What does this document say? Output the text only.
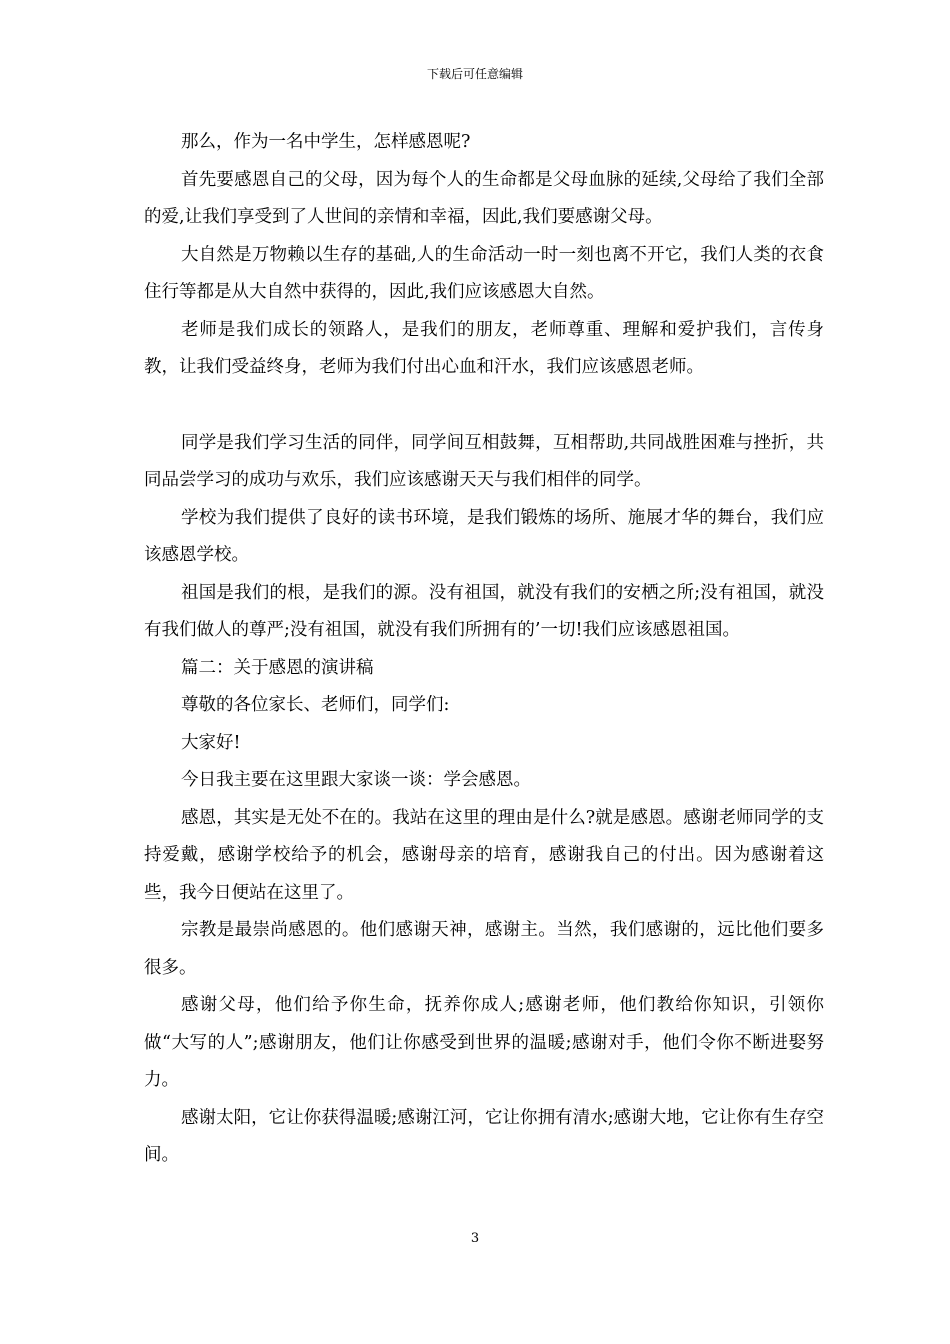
下载后可任意编辑

那么，作为一名中学生，怎样感恩呢?

首先要感恩自己的父母，因为每个人的生命都是父母血脉的延续,父母给了我们全部的爱,让我们享受到了人世间的亲情和幸福，因此,我们要感谢父母。

大自然是万物赖以生存的基础,人的生命活动一时一刻也离不开它，我们人类的衣食住行等都是从大自然中获得的，因此,我们应该感恩大自然。

老师是我们成长的领路人，是我们的朋友，老师尊重、理解和爱护我们，言传身教，让我们受益终身，老师为我们付出心血和汗水，我们应该感恩老师。

同学是我们学习生活的同伴，同学间互相鼓舞，互相帮助,共同战胜困难与挫折，共同品尝学习的成功与欢乐，我们应该感谢天天与我们相伴的同学。

学校为我们提供了良好的读书环境，是我们锻炼的场所、施展才华的舞台，我们应该感恩学校。

祖国是我们的根，是我们的源。没有祖国，就没有我们的安栖之所;没有祖国，就没有我们做人的尊严;没有祖国，就没有我们所拥有的’一切!我们应该感恩祖国。

篇二：关于感恩的演讲稿

尊敬的各位家长、老师们，同学们:

大家好!

今日我主要在这里跟大家谈一谈：学会感恩。

感恩，其实是无处不在的。我站在这里的理由是什么?就是感恩。感谢老师同学的支持爱戴，感谢学校给予的机会，感谢母亲的培育，感谢我自己的付出。因为感谢着这些，我今日便站在这里了。

宗教是最崇尚感恩的。他们感谢天神，感谢主。当然，我们感谢的，远比他们要多很多。

感谢父母，他们给予你生命，抚养你成人;感谢老师，他们教给你知识，引领你做“大写的人”;感谢朋友，他们让你感受到世界的温暖;感谢对手，他们令你不断进娶努力。

感谢太阳，它让你获得温暖;感谢江河，它让你拥有清水;感谢大地，它让你有生存空间。

3
